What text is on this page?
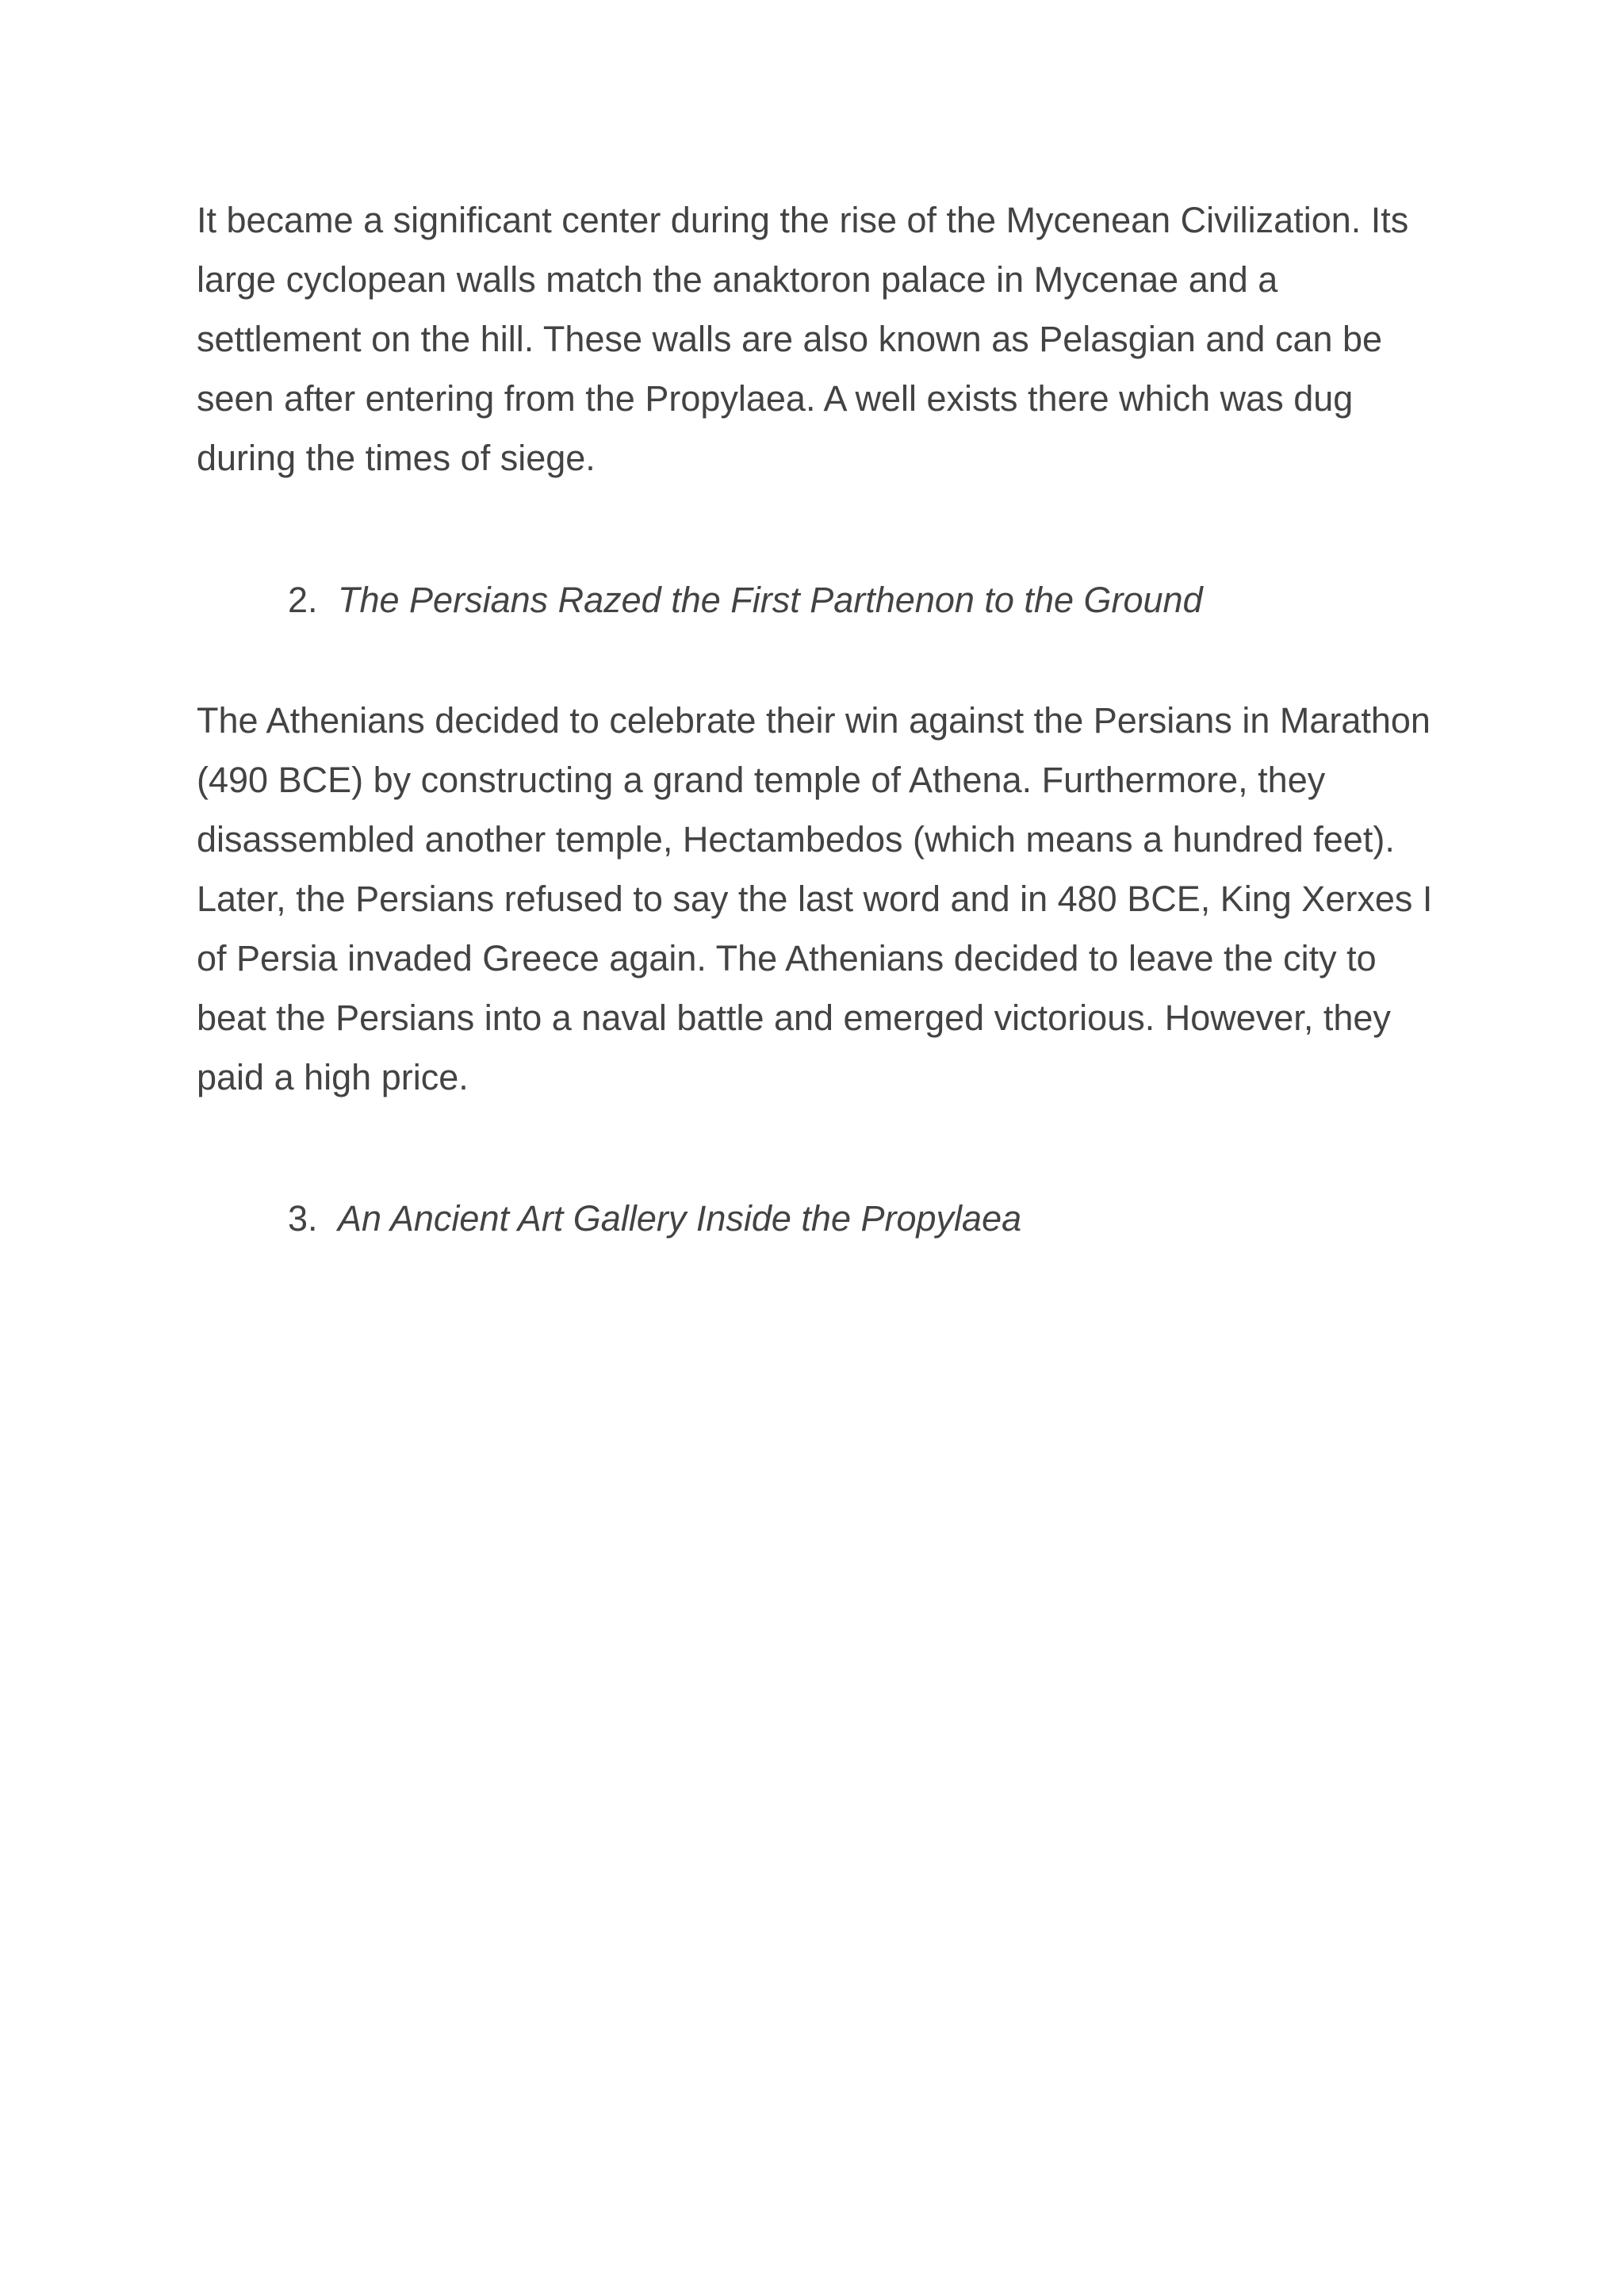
It became a significant center during the rise of the Mycenean Civilization. Its large cyclopean walls match the anaktoron palace in Mycenae and a settlement on the hill. These walls are also known as Pelasgian and can be seen after entering from the Propylaea. A well exists there which was dug during the times of siege.

2. The Persians Razed the First Parthenon to the Ground

The Athenians decided to celebrate their win against the Persians in Marathon (490 BCE) by constructing a grand temple of Athena. Furthermore, they disassembled another temple, Hectambedos (which means a hundred feet). Later, the Persians refused to say the last word and in 480 BCE, King Xerxes I of Persia invaded Greece again. The Athenians decided to leave the city to beat the Persians into a naval battle and emerged victorious. However, they paid a high price.

3. An Ancient Art Gallery Inside the Propylaea
